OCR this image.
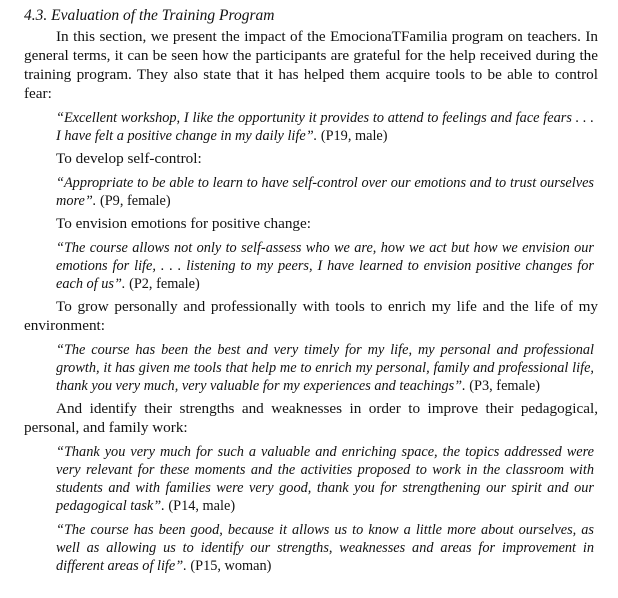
4.3. Evaluation of the Training Program

In this section, we present the impact of the EmocionaTFamilia program on teachers. In general terms, it can be seen how the participants are grateful for the help received during the training program. They also state that it has helped them acquire tools to be able to control fear:

“Excellent workshop, I like the opportunity it provides to attend to feelings and face fears . . . I have felt a positive change in my daily life”. (P19, male)

To develop self-control:

“Appropriate to be able to learn to have self-control over our emotions and to trust ourselves more”. (P9, female)

To envision emotions for positive change:

“The course allows not only to self-assess who we are, how we act but how we envision our emotions for life, . . . listening to my peers, I have learned to envision positive changes for each of us”. (P2, female)

To grow personally and professionally with tools to enrich my life and the life of my environment:

“The course has been the best and very timely for my life, my personal and professional growth, it has given me tools that help me to enrich my personal, family and professional life, thank you very much, very valuable for my experiences and teachings”. (P3, female)

And identify their strengths and weaknesses in order to improve their pedagogical, personal, and family work:

“Thank you very much for such a valuable and enriching space, the topics addressed were very relevant for these moments and the activities proposed to work in the classroom with students and with families were very good, thank you for strengthening our spirit and our pedagogical task”. (P14, male)

“The course has been good, because it allows us to know a little more about ourselves, as well as allowing us to identify our strengths, weaknesses and areas for improvement in different areas of life”. (P15, woman)
